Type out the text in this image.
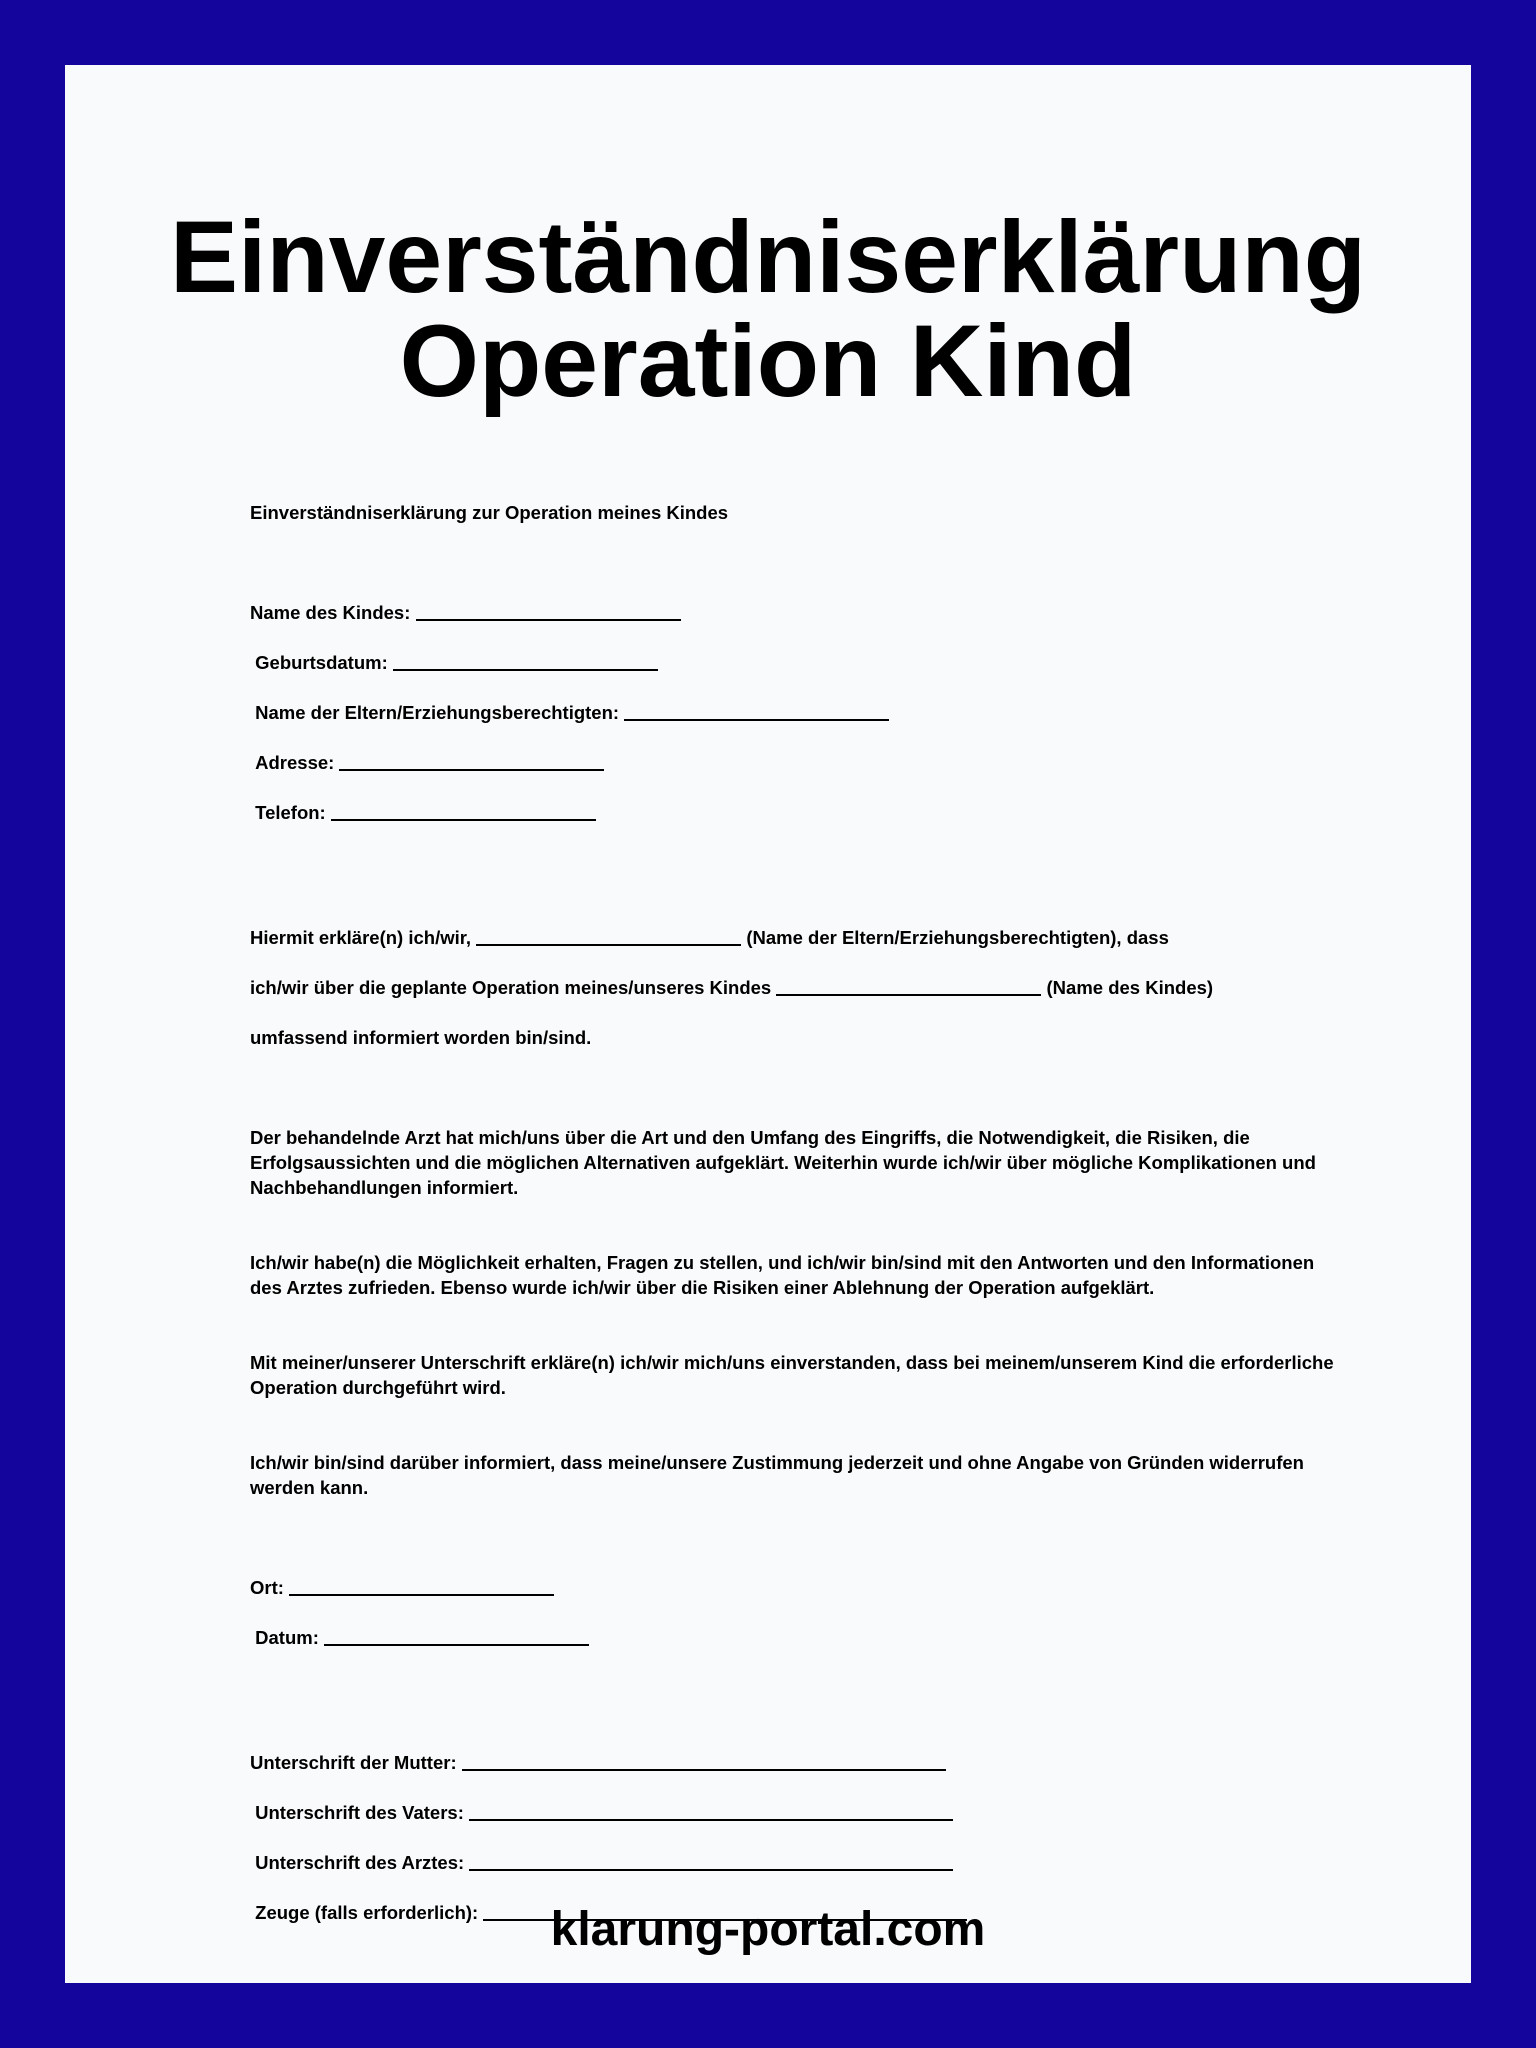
Einverständniserklärung
Operation Kind

Einverständniserklärung zur Operation meines Kindes

Name des Kindes:

Geburtsdatum:

Name der Eltern/Erziehungsberechtigten:

Adresse:

Telefon:

Hiermit erkläre(n) ich/wir,	(Name der Eltern/Erziehungsberechtigten), dass

ich/wir über die geplante Operation meines/unseres Kindes	(Name des Kindes)

umfassend informiert worden bin/sind.

Der behandelnde Arzt hat mich/uns über die Art und den Umfang des Eingriffs, die Notwendigkeit, die Risiken, die Erfolgsaussichten und die möglichen Alternativen aufgeklärt. Weiterhin wurde ich/wir über mögliche Komplikationen und Nachbehandlungen informiert.

Ich/wir habe(n) die Möglichkeit erhalten, Fragen zu stellen, und ich/wir bin/sind mit den Antworten und den Informationen des Arztes zufrieden. Ebenso wurde ich/wir über die Risiken einer Ablehnung der Operation aufgeklärt.

Mit meiner/unserer Unterschrift erkläre(n) ich/wir mich/uns einverstanden, dass bei meinem/unserem Kind die erforderliche Operation durchgeführt wird.

Ich/wir bin/sind darüber informiert, dass meine/unsere Zustimmung jederzeit und ohne Angabe von Gründen widerrufen werden kann.

Ort:

Datum:

Unterschrift der Mutter:

Unterschrift des Vaters:

Unterschrift des Arztes:

Zeuge (falls erforderlich):	klarung-portal.com
